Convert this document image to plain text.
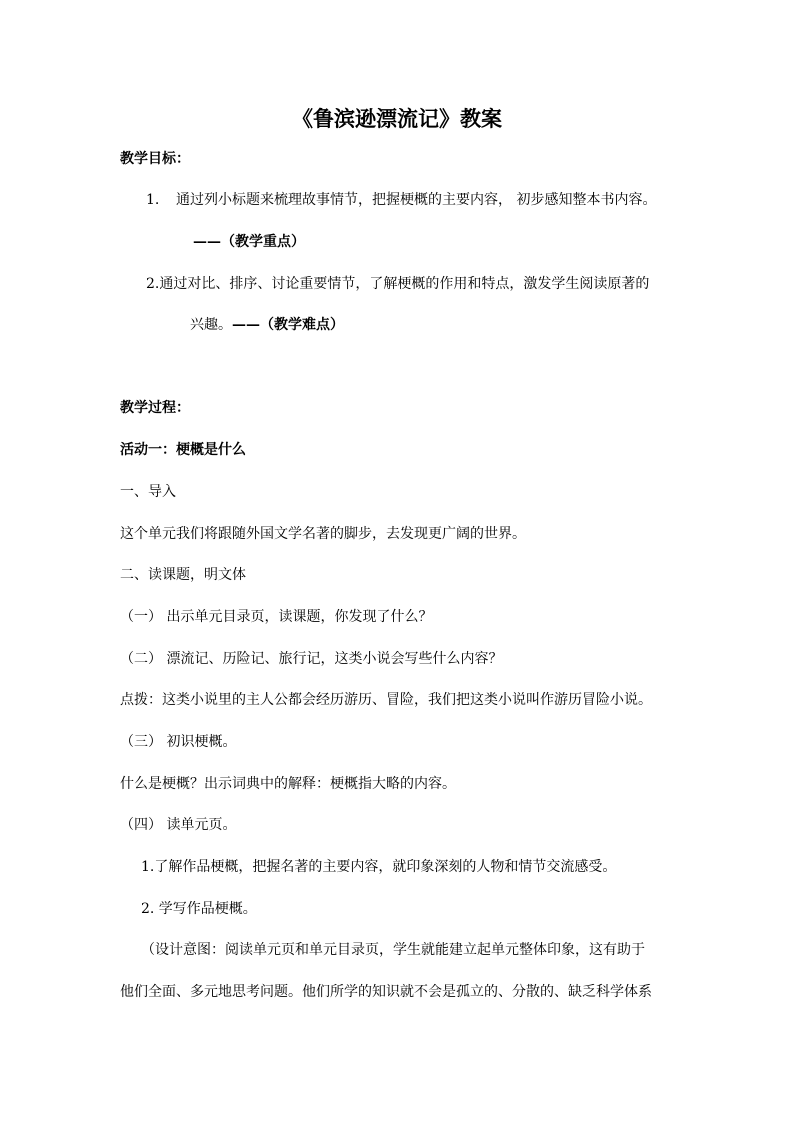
《鲁滨逊漂流记》教案
教学目标：
1. 通过列小标题来梳理故事情节，把握梗概的主要内容， 初步感知整本书内容。
——（教学重点）
2.通过对比、排序、讨论重要情节，了解梗概的作用和特点，激发学生阅读原著的
兴趣。——（教学难点）
教学过程：
活动一：梗概是什么
一、导入
这个单元我们将跟随外国文学名著的脚步，去发现更广阔的世界。
二、读课题，明文体
（一） 出示单元目录页，读课题，你发现了什么？
（二） 漂流记、历险记、旅行记，这类小说会写些什么内容？
点拨：这类小说里的主人公都会经历游历、冒险，我们把这类小说叫作游历冒险小说。
（三） 初识梗概。
什么是梗概？出示词典中的解释：梗概指大略的内容。
（四） 读单元页。
1.了解作品梗概，把握名著的主要内容，就印象深刻的人物和情节交流感受。
2. 学写作品梗概。
（设计意图：阅读单元页和单元目录页，学生就能建立起单元整体印象，这有助于
他们全面、多元地思考问题。他们所学的知识就不会是孤立的、分散的、缺乏科学体系
